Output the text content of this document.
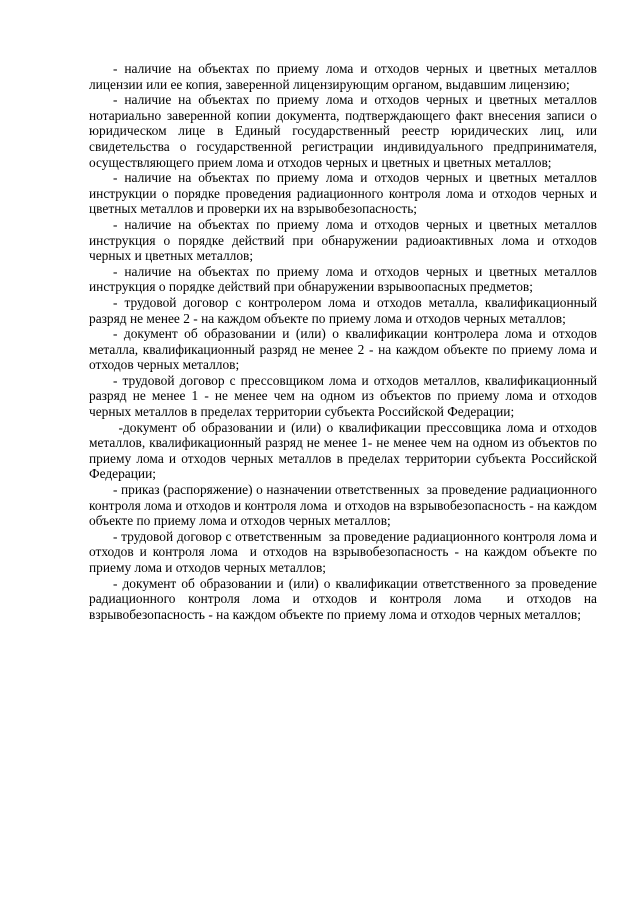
- наличие на объектах по приему лома и отходов черных и цветных металлов лицензии или ее копия, заверенной лицензирующим органом, выдавшим лицензию;

- наличие на объектах по приему лома и отходов черных и цветных металлов нотариально заверенной копии документа, подтверждающего факт внесения записи о юридическом лице в Единый государственный реестр юридических лиц, или свидетельства о государственной регистрации индивидуального предпринимателя, осуществляющего прием лома и отходов черных и цветных и цветных металлов;

- наличие на объектах по приему лома и отходов черных и цветных металлов инструкции о порядке проведения радиационного контроля лома и отходов черных и цветных металлов и проверки их на взрывобезопасность;

- наличие на объектах по приему лома и отходов черных и цветных металлов инструкция о порядке действий при обнаружении радиоактивных лома и отходов черных и цветных металлов;

- наличие на объектах по приему лома и отходов черных и цветных металлов инструкция о порядке действий при обнаружении взрывоопасных предметов;

- трудовой договор с контролером лома и отходов металла, квалификационный разряд не менее 2 - на каждом объекте по приему лома и отходов черных металлов;

- документ об образовании и (или) о квалификации контролера лома и отходов металла, квалификационный разряд не менее 2 - на каждом объекте по приему лома и отходов черных металлов;

- трудовой договор с прессовщиком лома и отходов металлов, квалификационный разряд не менее 1 - не менее чем на одном из объектов по приему лома и отходов черных металлов в пределах территории субъекта Российской Федерации;

-документ об образовании и (или) о квалификации прессовщика лома и отходов металлов, квалификационный разряд не менее 1- не менее чем на одном из объектов по приему лома и отходов черных металлов в пределах территории субъекта Российской Федерации;

- приказ (распоряжение) о назначении ответственных  за проведение радиационного контроля лома и отходов и контроля лома  и отходов на взрывобезопасность - на каждом объекте по приему лома и отходов черных металлов;

- трудовой договор с ответственным  за проведение радиационного контроля лома и отходов и контроля лома  и отходов на взрывобезопасность - на каждом объекте по приему лома и отходов черных металлов;

- документ об образовании и (или) о квалификации ответственного за проведение радиационного контроля лома и отходов и контроля лома  и отходов на взрывобезопасность - на каждом объекте по приему лома и отходов черных металлов;
